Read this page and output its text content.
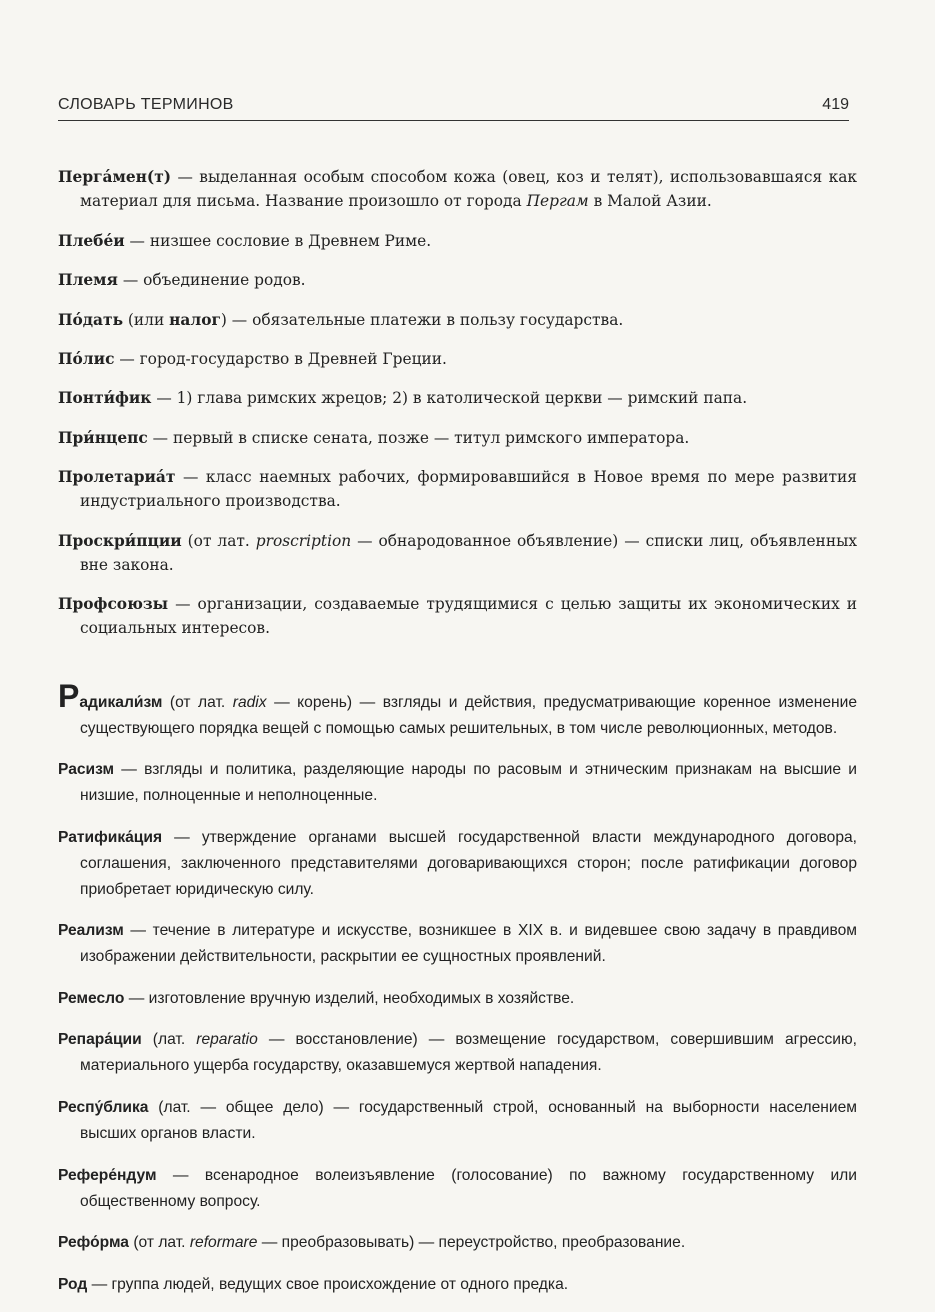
СЛОВАРЬ ТЕРМИНОВ	419

Перга́мен(т) — выделанная особым способом кожа (овец, коз и телят), использовавшаяся как материал для письма. Название произошло от города Пергам в Малой Азии.

Плебе́и — низшее сословие в Древнем Риме.

Племя — объединение родов.

По́дать (или налог) — обязательные платежи в пользу государства.

По́лис — город-государство в Древней Греции.

Понти́фик — 1) глава римских жрецов; 2) в католической церкви — римский папа.

При́нцепс — первый в списке сената, позже — титул римского императора.

Пролетариа́т — класс наемных рабочих, формировавшийся в Новое время по мере развития индустриального производства.

Проскри́пции (от лат. proscription — обнародованное объявление) — списки лиц, объявленных вне закона.

Профсоюзы — организации, создаваемые трудящимися с целью защиты их экономических и социальных интересов.

Радикали́зм (от лат. radix — корень) — взгляды и действия, предусматривающие коренное изменение существующего порядка вещей с помощью самых решительных, в том числе революционных, методов.

Расизм — взгляды и политика, разделяющие народы по расовым и этническим признакам на высшие и низшие, полноценные и неполноценные.

Ратифика́ция — утверждение органами высшей государственной власти международного договора, соглашения, заключенного представителями договаривающихся сторон; после ратификации договор приобретает юридическую силу.

Реализм — течение в литературе и искусстве, возникшее в XIX в. и видевшее свою задачу в правдивом изображении действительности, раскрытии ее сущностных проявлений.

Ремесло — изготовление вручную изделий, необходимых в хозяйстве.

Репара́ции (лат. reparatio — восстановление) — возмещение государством, совершившим агрессию, материального ущерба государству, оказавшемуся жертвой нападения.

Респу́блика (лат. — общее дело) — государственный строй, основанный на выборности населением высших органов власти.

Рефере́ндум — всенародное волеизъявление (голосование) по важному государственному или общественному вопросу.

Рефо́рма (от лат. reformare — преобразовывать) — переустройство, преобразование.

Род — группа людей, ведущих свое происхождение от одного предка.
